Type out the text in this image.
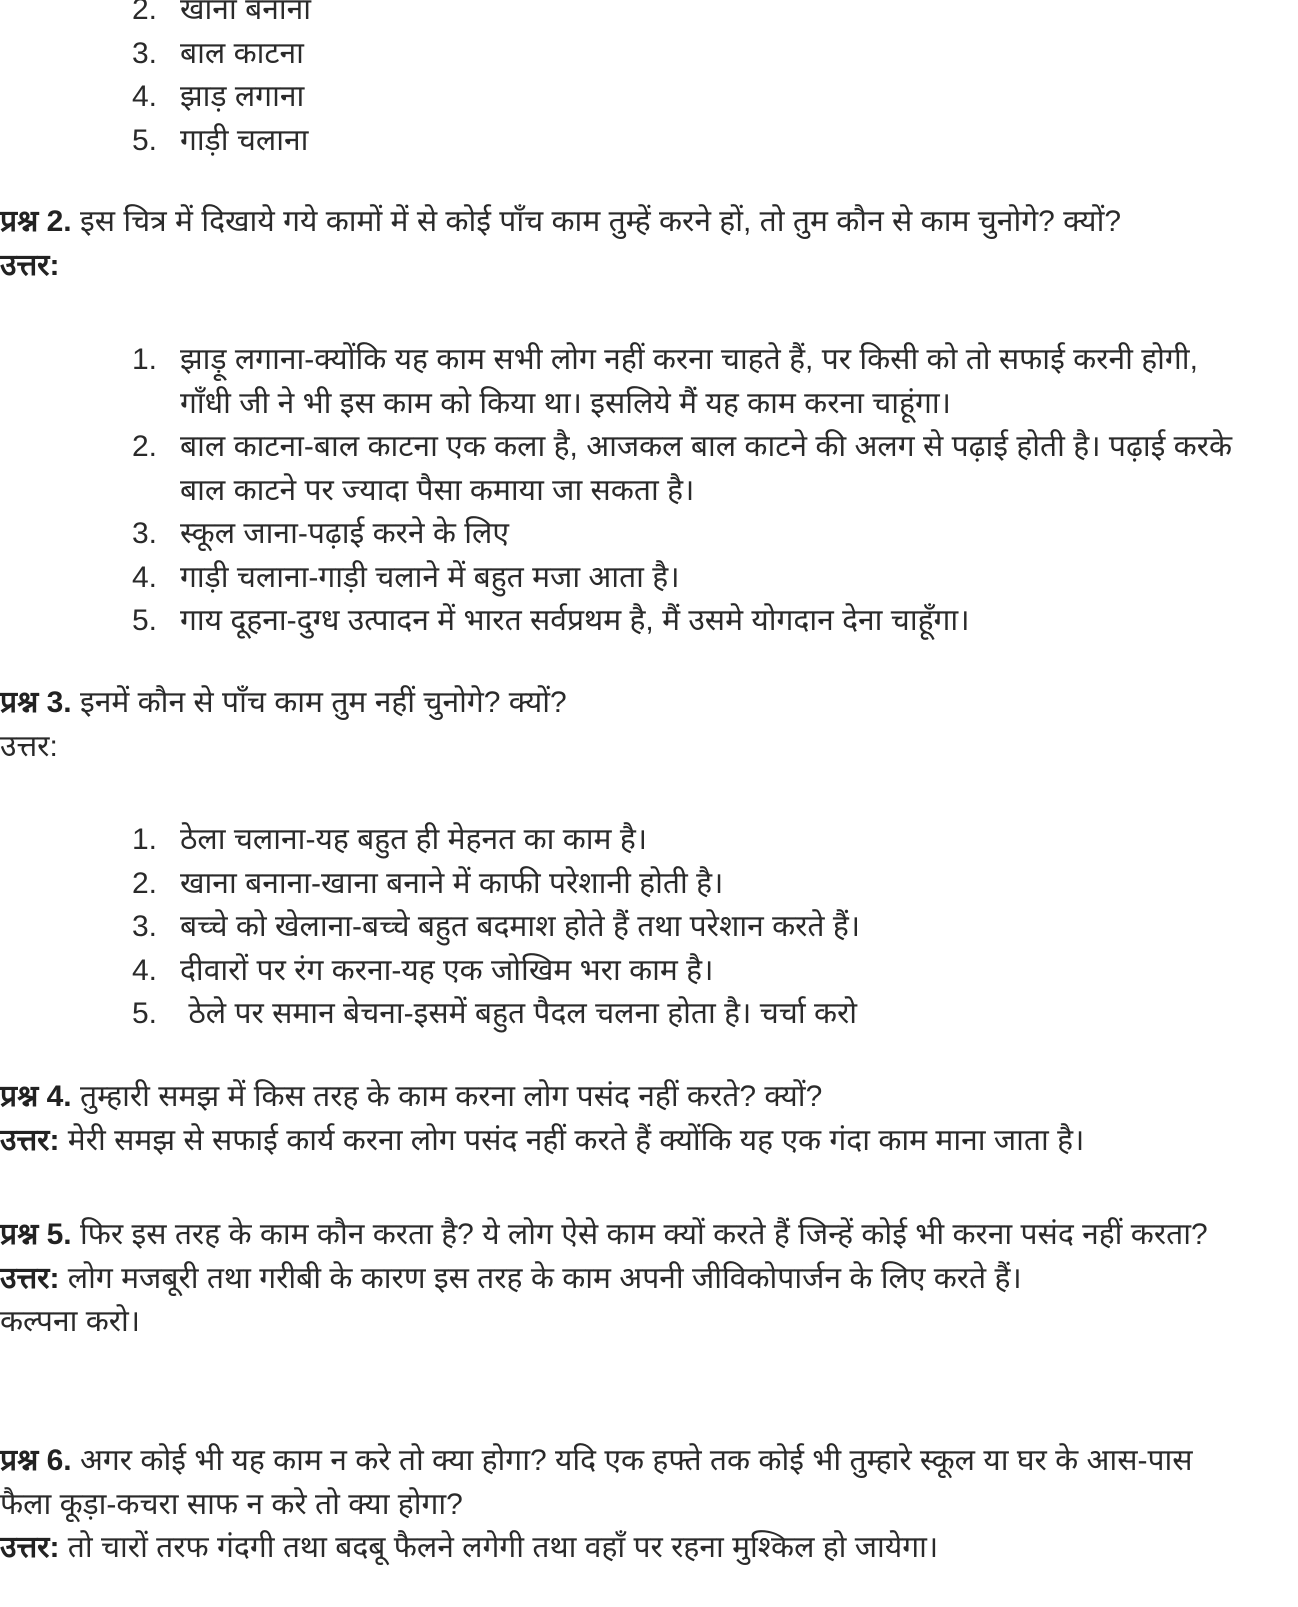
2. खाना बनाना
3. बाल काटना
4. झाड़ लगाना
5. गाड़ी चलाना
प्रश्न 2. इस चित्र में दिखाये गये कामों में से कोई पाँच काम तुम्हें करने हों, तो तुम कौन से काम चुनोगे? क्यों?
उत्तर:
1. झाड़ू लगाना-क्योंकि यह काम सभी लोग नहीं करना चाहते हैं, पर किसी को तो सफाई करनी होगी, गाँधी जी ने भी इस काम को किया था। इसलिये मैं यह काम करना चाहूंगा।
2. बाल काटना-बाल काटना एक कला है, आजकल बाल काटने की अलग से पढ़ाई होती है। पढ़ाई करके बाल काटने पर ज्यादा पैसा कमाया जा सकता है।
3. स्कूल जाना-पढ़ाई करने के लिए
4. गाड़ी चलाना-गाड़ी चलाने में बहुत मजा आता है।
5. गाय दूहना-दुग्ध उत्पादन में भारत सर्वप्रथम है, मैं उसमे योगदान देना चाहूँगा।
प्रश्न 3. इनमें कौन से पाँच काम तुम नहीं चुनोगे? क्यों?
उत्तर:
1. ठेला चलाना-यह बहुत ही मेहनत का काम है।
2. खाना बनाना-खाना बनाने में काफी परेशानी होती है।
3. बच्चे को खेलाना-बच्चे बहुत बदमाश होते हैं तथा परेशान करते हैं।
4. दीवारों पर रंग करना-यह एक जोखिम भरा काम है।
5. ठेले पर समान बेचना-इसमें बहुत पैदल चलना होता है। चर्चा करो
प्रश्न 4. तुम्हारी समझ में किस तरह के काम करना लोग पसंद नहीं करते? क्यों?
उत्तर: मेरी समझ से सफाई कार्य करना लोग पसंद नहीं करते हैं क्योंकि यह एक गंदा काम माना जाता है।
प्रश्न 5. फिर इस तरह के काम कौन करता है? ये लोग ऐसे काम क्यों करते हैं जिन्हें कोई भी करना पसंद नहीं करता?
उत्तर: लोग मजबूरी तथा गरीबी के कारण इस तरह के काम अपनी जीविकोपार्जन के लिए करते हैं।
कल्पना करो।
प्रश्न 6. अगर कोई भी यह काम न करे तो क्या होगा? यदि एक हफ्ते तक कोई भी तुम्हारे स्कूल या घर के आस-पास फैला कूड़ा-कचरा साफ न करे तो क्या होगा?
उत्तर: तो चारों तरफ गंदगी तथा बदबू फैलने लगेगी तथा वहाँ पर रहना मुश्किल हो जायेगा।
